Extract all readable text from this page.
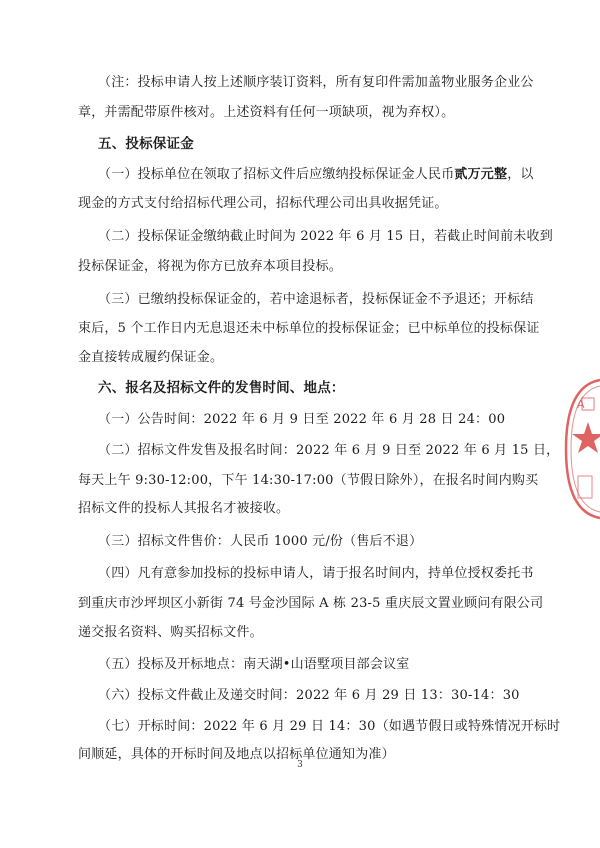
（注：投标申请人按上述顺序装订资料，所有复印件需加盖物业服务企业公
章，并需配带原件核对。上述资料有任何一项缺项，视为弃权）。
五、投标保证金
（一）投标单位在领取了招标文件后应缴纳投标保证金人民币贰万元整，以
现金的方式支付给招标代理公司，招标代理公司出具收据凭证。
（二）投标保证金缴纳截止时间为 2022 年 6 月 15 日，若截止时间前未收到
投标保证金，将视为你方已放弃本项目投标。
（三）已缴纳投标保证金的，若中途退标者，投标保证金不予退还；开标结
束后，5 个工作日内无息退还未中标单位的投标保证金；已中标单位的投标保证
金直接转成履约保证金。
六、报名及招标文件的发售时间、地点：
（一）公告时间：2022 年 6 月 9 日至 2022 年 6 月 28 日 24：00
（二）招标文件发售及报名时间：2022 年 6 月 9 日至 2022 年 6 月 15 日，
每天上午 9:30-12:00，下午 14:30-17:00（节假日除外），在报名时间内购买
招标文件的投标人其报名才被接收。
（三）招标文件售价：人民币 1000 元/份（售后不退）
（四）凡有意参加投标的投标申请人，请于报名时间内，持单位授权委托书
到重庆市沙坪坝区小新街 74 号金沙国际 A 栋 23-5 重庆辰文置业顾问有限公司
递交报名资料、购买招标文件。
（五）投标及开标地点：南天湖•山语墅项目部会议室
（六）投标文件截止及递交时间：2022 年 6 月 29 日 13：30-14：30
（七）开标时间：2022 年 6 月 29 日 14：30（如遇节假日或特殊情况开标时
间顺延，具体的开标时间及地点以招标单位通知为准）
3
A
